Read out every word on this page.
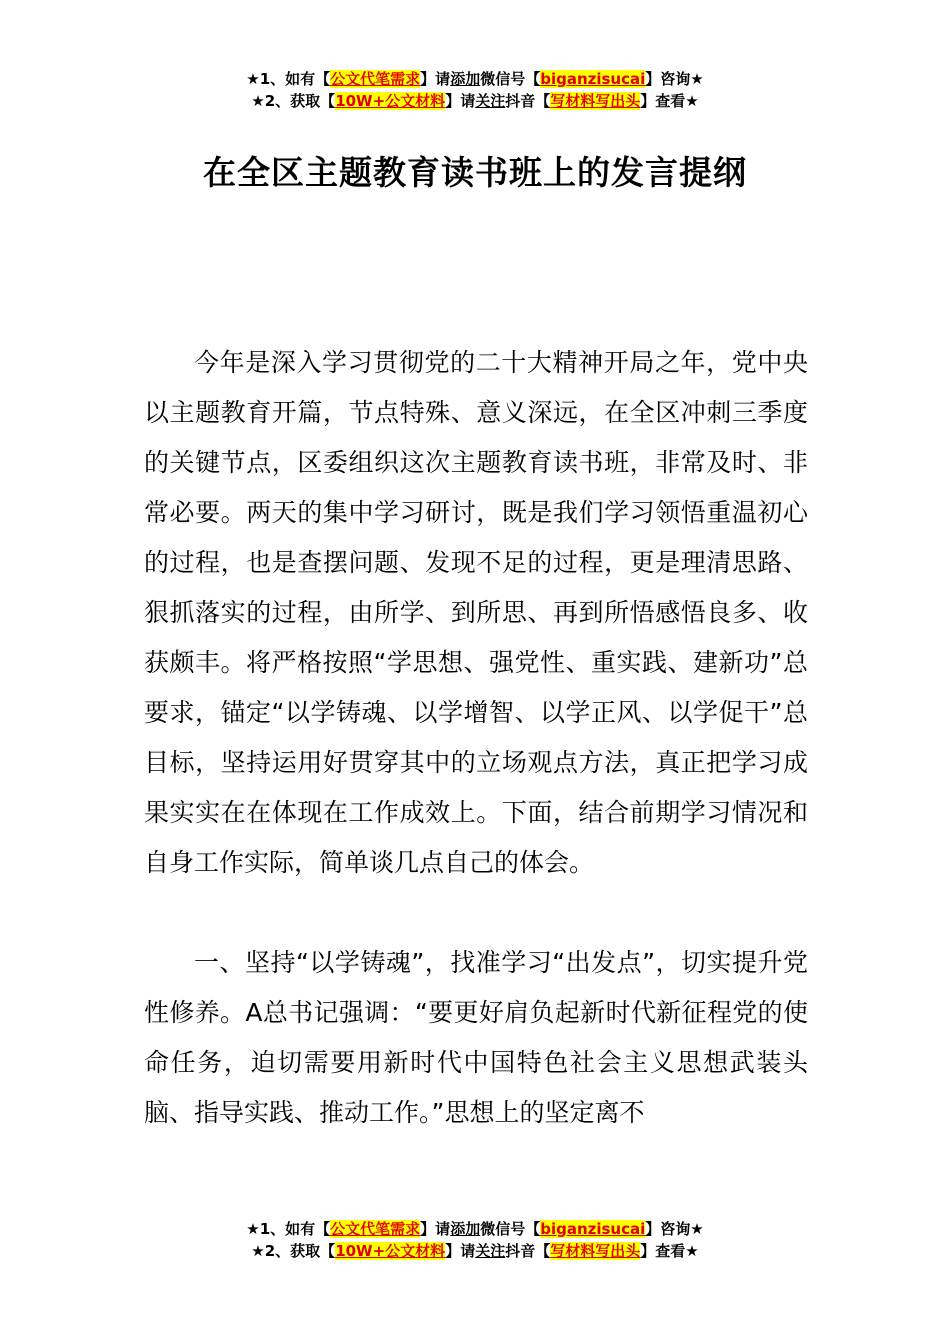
★1、如有【公文代笔需求】请添加微信号【biganzisucai】咨询★
★2、获取【10W+公文材料】请关注抖音【写材料写出头】查看★
在全区主题教育读书班上的发言提纲

今年是深入学习贯彻党的二十大精神开局之年，党中央以主题教育开篇，节点特殊、意义深远，在全区冲刺三季度的关键节点，区委组织这次主题教育读书班，非常及时、非常必要。两天的集中学习研讨，既是我们学习领悟重温初心的过程，也是查摆问题、发现不足的过程，更是理清思路、狠抓落实的过程，由所学、到所思、再到所悟感悟良多、收获颇丰。将严格按照“学思想、强党性、重实践、建新功”总要求，锚定“以学铸魂、以学增智、以学正风、以学促干”总目标，坚持运用好贯穿其中的立场观点方法，真正把学习成果实实在在体现在工作成效上。下面，结合前期学习情况和自身工作实际，简单谈几点自己的体会。

一、坚持“以学铸魂”，找准学习“出发点”，切实提升党性修养。A总书记强调：“要更好肩负起新时代新征程党的使命任务，迫切需要用新时代中国特色社会主义思想武装头脑、指导实践、推动工作。”思想上的坚定离不

★1、如有【公文代笔需求】请添加微信号【biganzisucai】咨询★
★2、获取【10W+公文材料】请关注抖音【写材料写出头】查看★
